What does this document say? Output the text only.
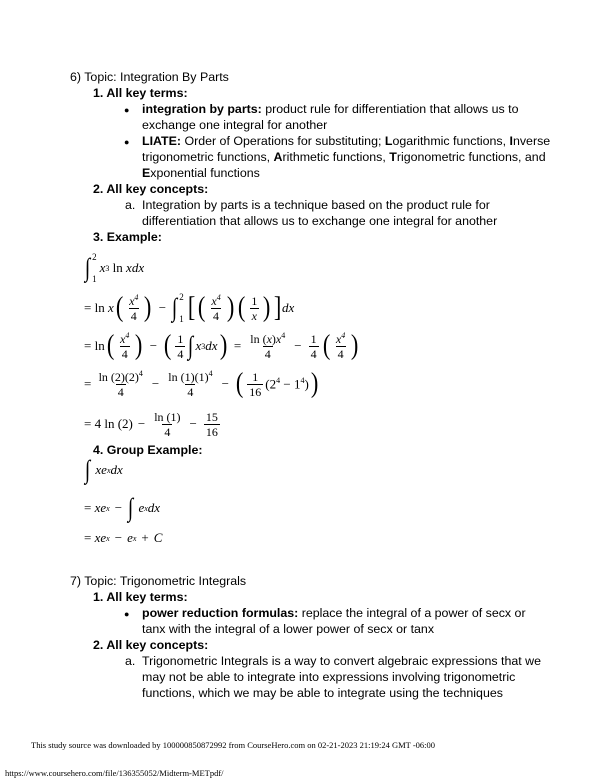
6) Topic: Integration By Parts
1. All key terms:
● integration by parts: product rule for differentiation that allows us to
exchange one integral for another
● LIATE: Order of Operations for substituting; Logarithmic functions, Inverse
trigonometric functions, Arithmetic functions, Trigonometric functions, and
Exponential functions
2. All key concepts:
a. Integration by parts is a technique based on the product rule for
differentiation that allows us to exchange one integral for another
3. Example:
∫ 2
1
x 3
ln
x dx
=
ln
x ( $\frac{x^4}{4}$ ) − ∫ 2
1 [ ( $\frac{x^4}{4}$ ) ( $\frac{1}{x}$ ) ] dx
=
ln ( $\frac{x^4}{4}$ ) − ( $\frac{1}{4}$ ∫ x 3 dx ) = $\frac{\ln (x)x^4}{4} - \frac{1}{4}$ ( $\frac{x^4}{4}$ )
=
$\frac{\ln (2)(2)^4}{4} - \frac{\ln (1)(1)^4}{4}$ − ( $\frac{1}{16} (2^4 - 1^4)$ )
= 4 $\ln (2) - \frac{\ln (1)}{4} - \frac{15}{16}$
4. Group Example:
∫
x e x dx
=
x e x − ∫
e x dx
=
x e x − e x + C
7) Topic: Trigonometric Integrals
1. All key terms:
● power reduction formulas: replace the integral of a power of secx or
tanx with the integral of a lower power of secx or tanx
2. All key concepts:
a. Trigonometric Integrals is a way to convert algebraic expressions that we
may not be able to integrate into expressions involving trigonometric
functions, which we may be able to integrate using the techniques
This study source was downloaded by 100000850872992 from CourseHero.com on 02-21-2023 21:19:24 GMT -06:00
https://www.coursehero.com/file/136355052/Midterm-METpdf/
